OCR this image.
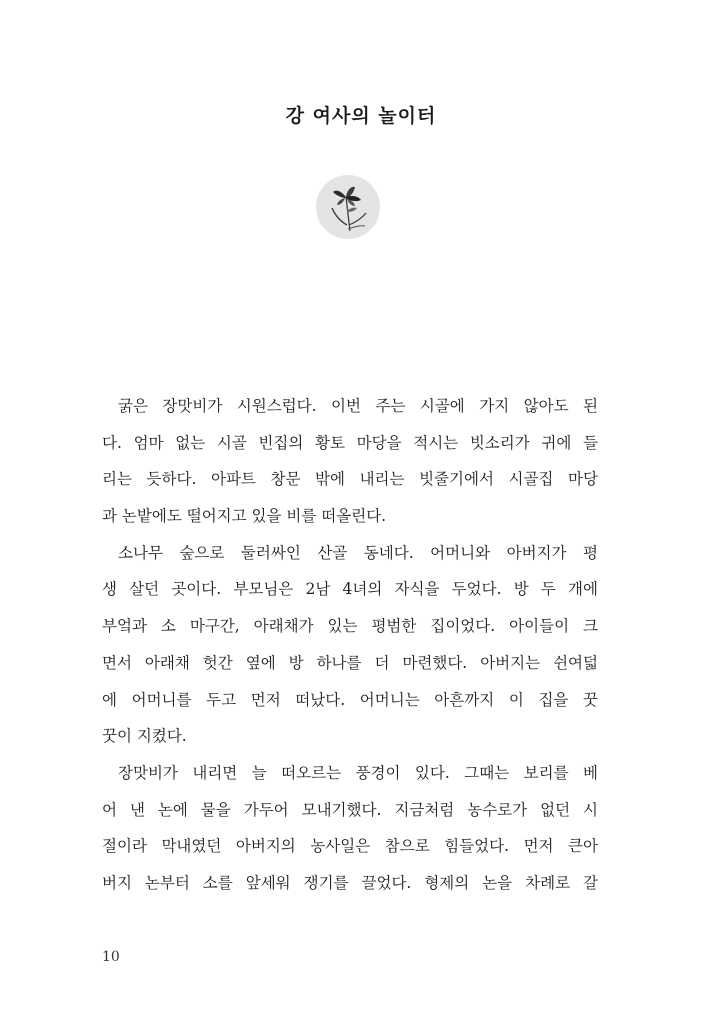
강 여사의 놀이터
굵은 장맛비가 시원스럽다. 이번 주는 시골에 가지 않아도 된
다. 엄마 없는 시골 빈집의 황토 마당을 적시는 빗소리가 귀에 들
리는 듯하다. 아파트 창문 밖에 내리는 빗줄기에서 시골집 마당
과 논밭에도 떨어지고 있을 비를 떠올린다.
소나무 숲으로 둘러싸인 산골 동네다. 어머니와 아버지가 평
생 살던 곳이다. 부모님은 2남 4녀의 자식을 두었다. 방 두 개에
부엌과 소 마구간, 아래채가 있는 평범한 집이었다. 아이들이 크
면서 아래채 헛간 옆에 방 하나를 더 마련했다. 아버지는 쉰여덟
에 어머니를 두고 먼저 떠났다. 어머니는 아흔까지 이 집을 꿋
꿋이 지켰다.
장맛비가 내리면 늘 떠오르는 풍경이 있다. 그때는 보리를 베
어 낸 논에 물을 가두어 모내기했다. 지금처럼 농수로가 없던 시
절이라 막내였던 아버지의 농사일은 참으로 힘들었다. 먼저 큰아
버지 논부터 소를 앞세워 쟁기를 끌었다. 형제의 논을 차례로 갈
10
